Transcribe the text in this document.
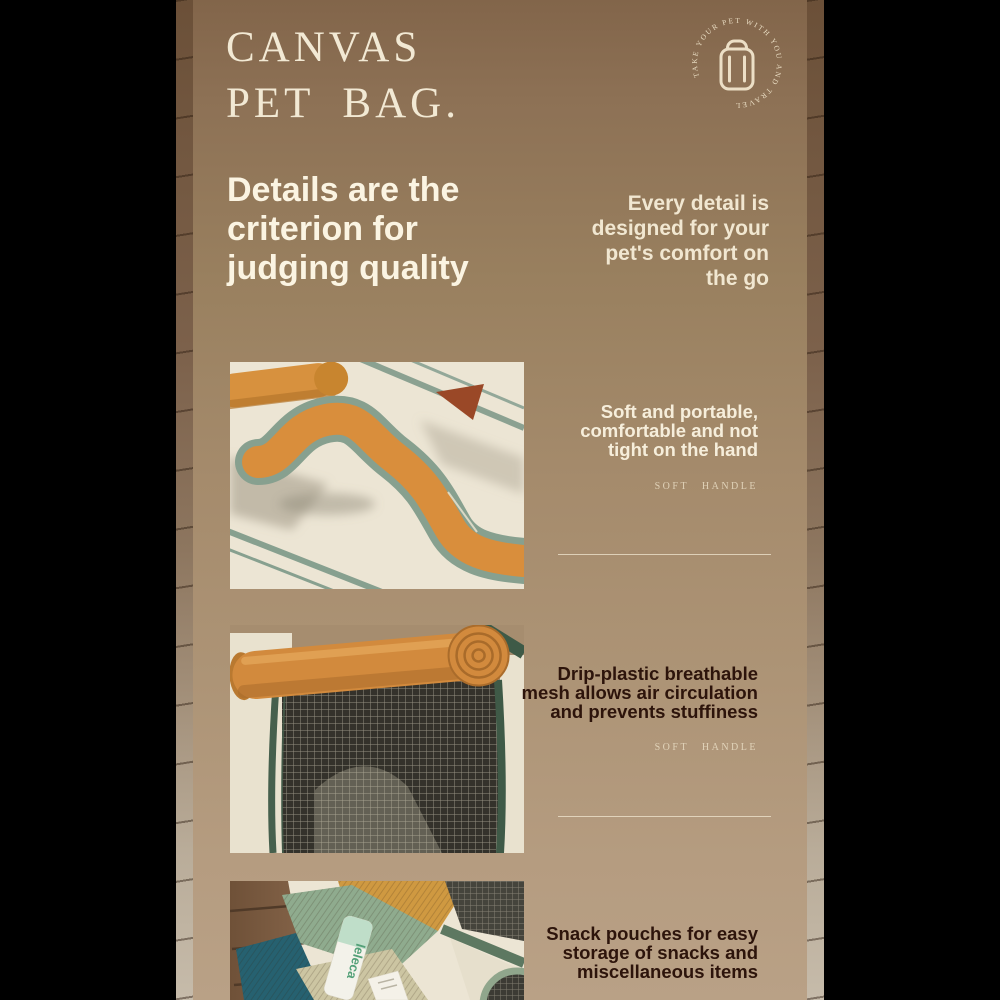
CANVAS
PET BAG.
TAKE YOUR PET WITH YOU AND TRAVEL
Details are the
criterion for
judging quality
Every detail is
designed for your
pet's comfort on
the go
Soft and portable,
comfortable and not
tight on the hand
SOFT HANDLE
Drip-plastic breathable
mesh allows air circulation
and prevents stuffiness
SOFT HANDLE
leleca
Snack pouches for easy
storage of snacks and
miscellaneous items
